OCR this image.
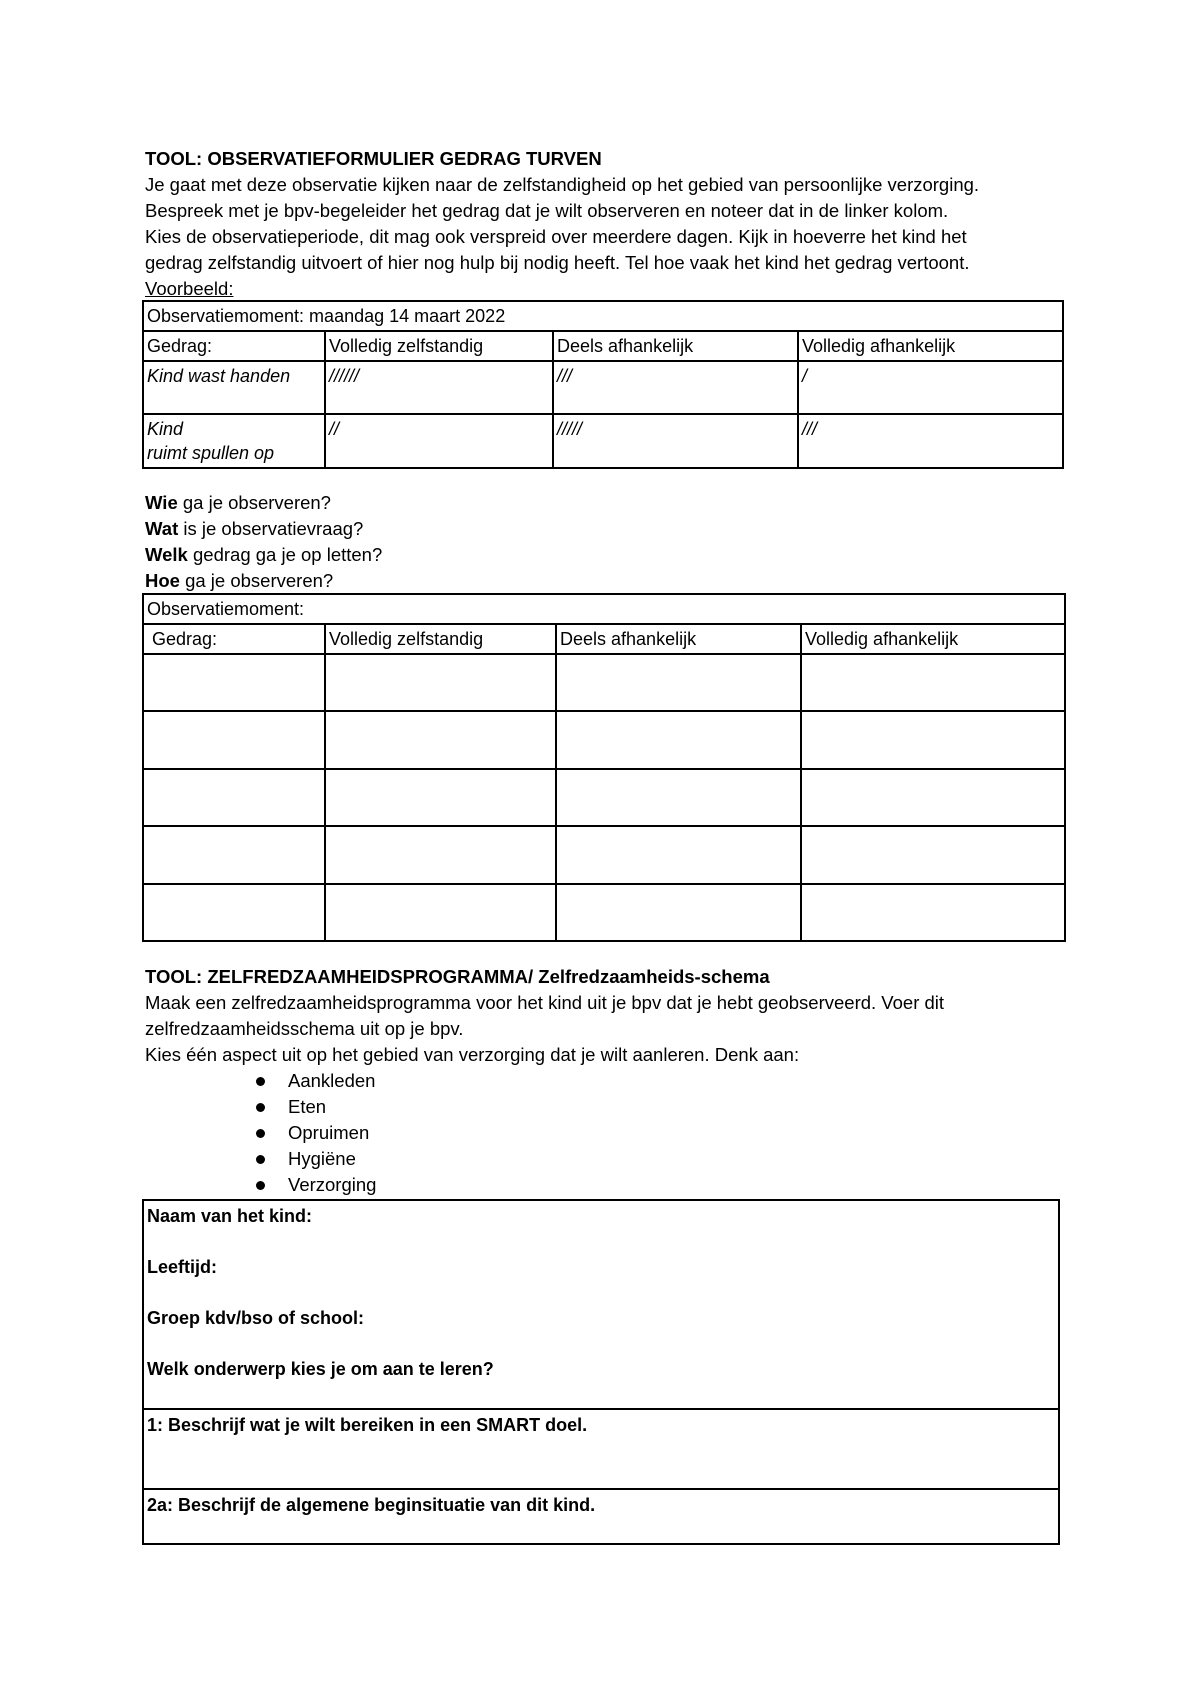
TOOL: OBSERVATIEFORMULIER GEDRAG TURVEN
Je gaat met deze observatie kijken naar de zelfstandigheid op het gebied van persoonlijke verzorging.
Bespreek met je bpv-begeleider het gedrag dat je wilt observeren en noteer dat in de linker kolom.
Kies de observatieperiode, dit mag ook verspreid over meerdere dagen. Kijk in hoeverre het kind het
gedrag zelfstandig uitvoert of hier nog hulp bij nodig heeft. Tel hoe vaak het kind het gedrag vertoont.
Voorbeeld:
Observatiemoment: maandag 14 maart 2022			
Gedrag:	Volledig zelfstandig	Deels afhankelijk	Volledig afhankelijk
Kind wast handen	//////	///	/

Kind
ruimt spullen op	//	/////	///
Wie ga je observeren?
Wat is je observatievraag?
Welk gedrag ga je op letten?
Hoe ga je observeren?
Observatiemoment:			
Gedrag:	Volledig zelfstandig	Deels afhankelijk	Volledig afhankelijk

TOOL: ZELFREDZAAMHEIDSPROGRAMMA/ Zelfredzaamheids-schema
Maak een zelfredzaamheidsprogramma voor het kind uit je bpv dat je hebt geobserveerd. Voer dit
zelfredzaamheidsschema uit op je bpv.
Kies één aspect uit op het gebied van verzorging dat je wilt aanleren. Denk aan:
Aankleden
Eten
Opruimen
Hygiëne
Verzorging

Naam van het kind:

Leeftijd:

Groep kdv/bso of school:

Welk onderwerp kies je om aan te leren?

1: Beschrijf wat je wilt bereiken in een SMART doel.

2a: Beschrijf de algemene beginsituatie van dit kind.
